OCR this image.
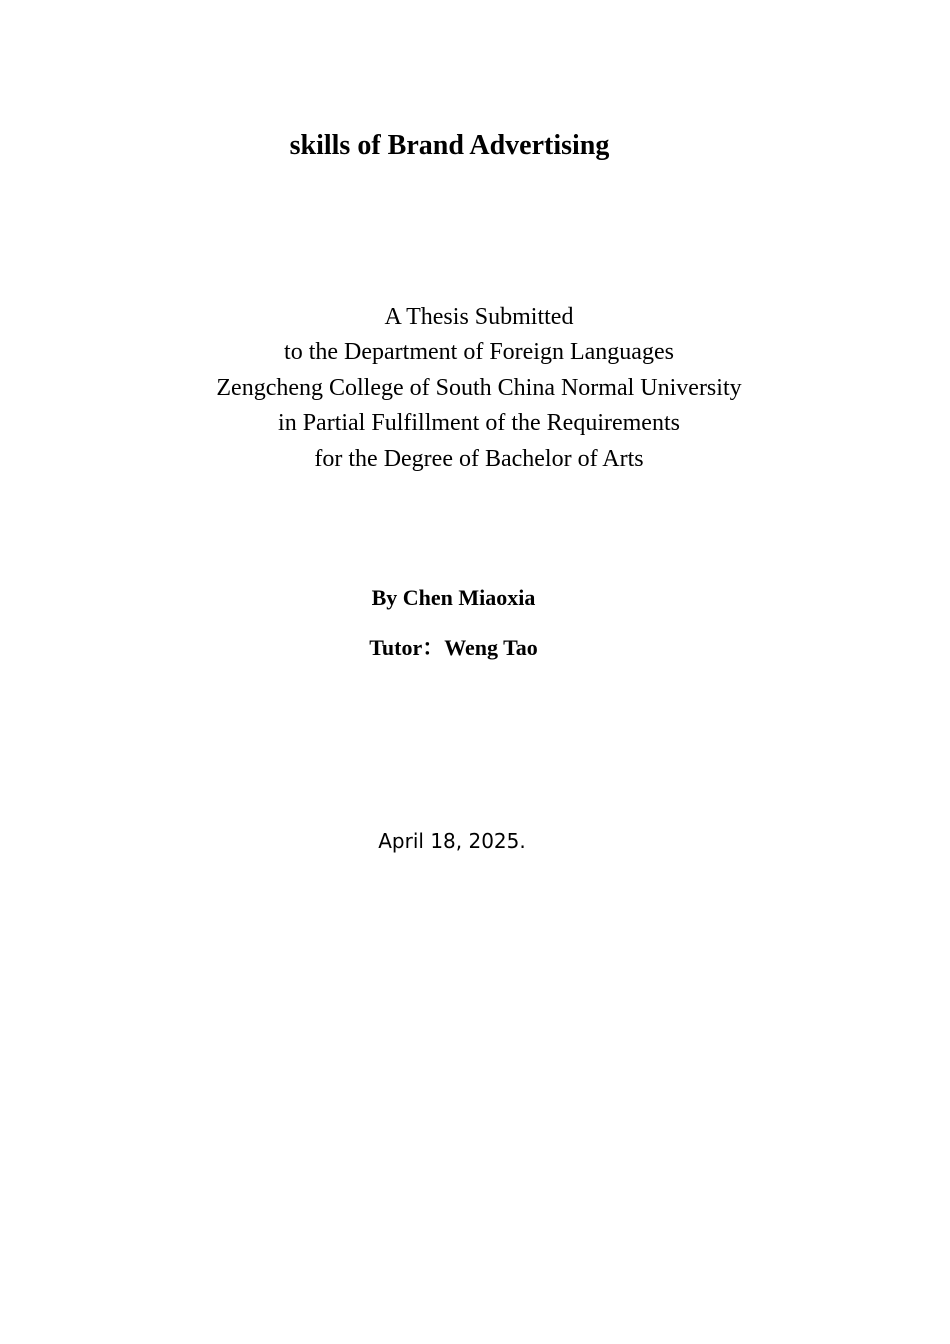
skills of Brand Advertising
A Thesis Submitted
to the Department of Foreign Languages
Zengcheng College of South China Normal University
in Partial Fulfillment of the Requirements
for the Degree of Bachelor of Arts
By Chen Miaoxia
Tutor：Weng Tao
April 18, 2025.
